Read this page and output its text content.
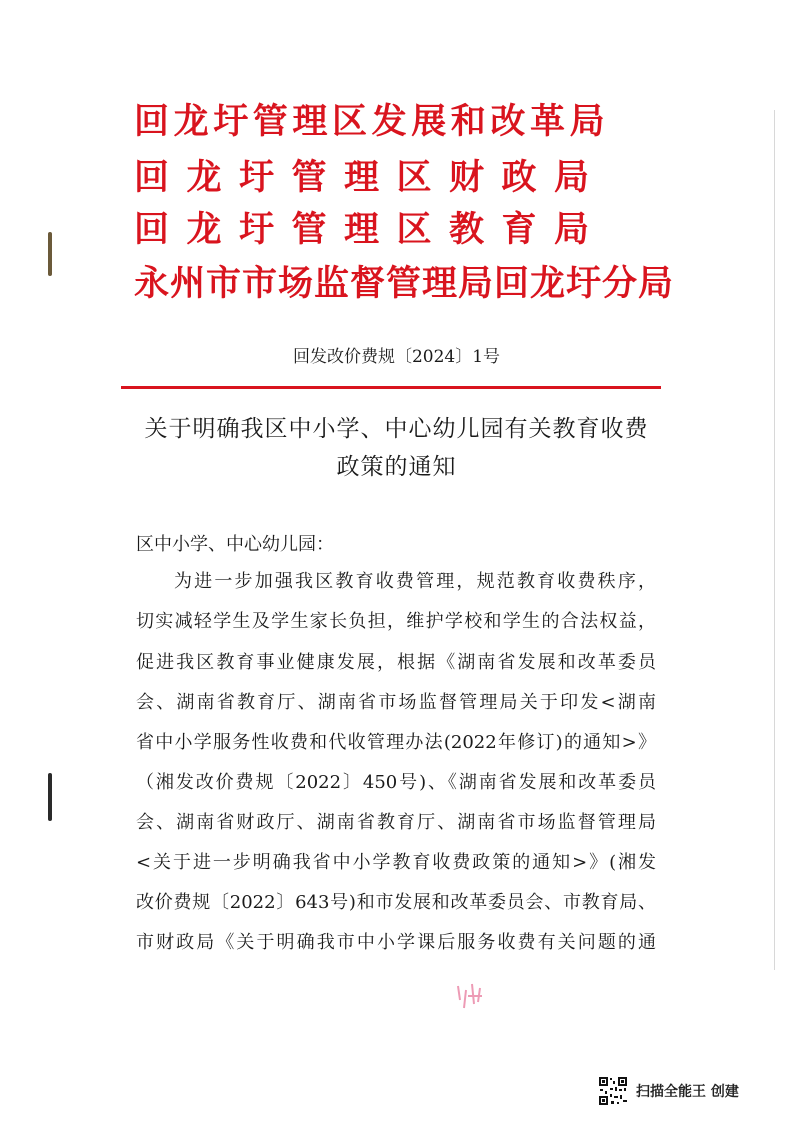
回龙圩管理区发展和改革局
回龙圩管理区财政局
回龙圩管理区教育局
永州市市场监督管理局回龙圩分局
回发改价费规〔2024〕1号
关于明确我区中小学、中心幼儿园有关教育收费
政策的通知
区中小学、中心幼儿园：
为进一步加强我区教育收费管理，规范教育收费秩序，
切实减轻学生及学生家长负担，维护学校和学生的合法权益，
促进我区教育事业健康发展，根据《湖南省发展和改革委员
会、湖南省教育厅、湖南省市场监督管理局关于印发<湖南
省中小学服务性收费和代收管理办法(2022年修订)的通知>》
（湘发改价费规〔2022〕450号)、《湖南省发展和改革委员
会、湖南省财政厅、湖南省教育厅、湖南省市场监督管理局
<关于进一步明确我省中小学教育收费政策的通知>》(湘发
改价费规〔2022〕643号)和市发展和改革委员会、市教育局、
市财政局《关于明确我市中小学课后服务收费有关问题的通
扫描全能王 创建
